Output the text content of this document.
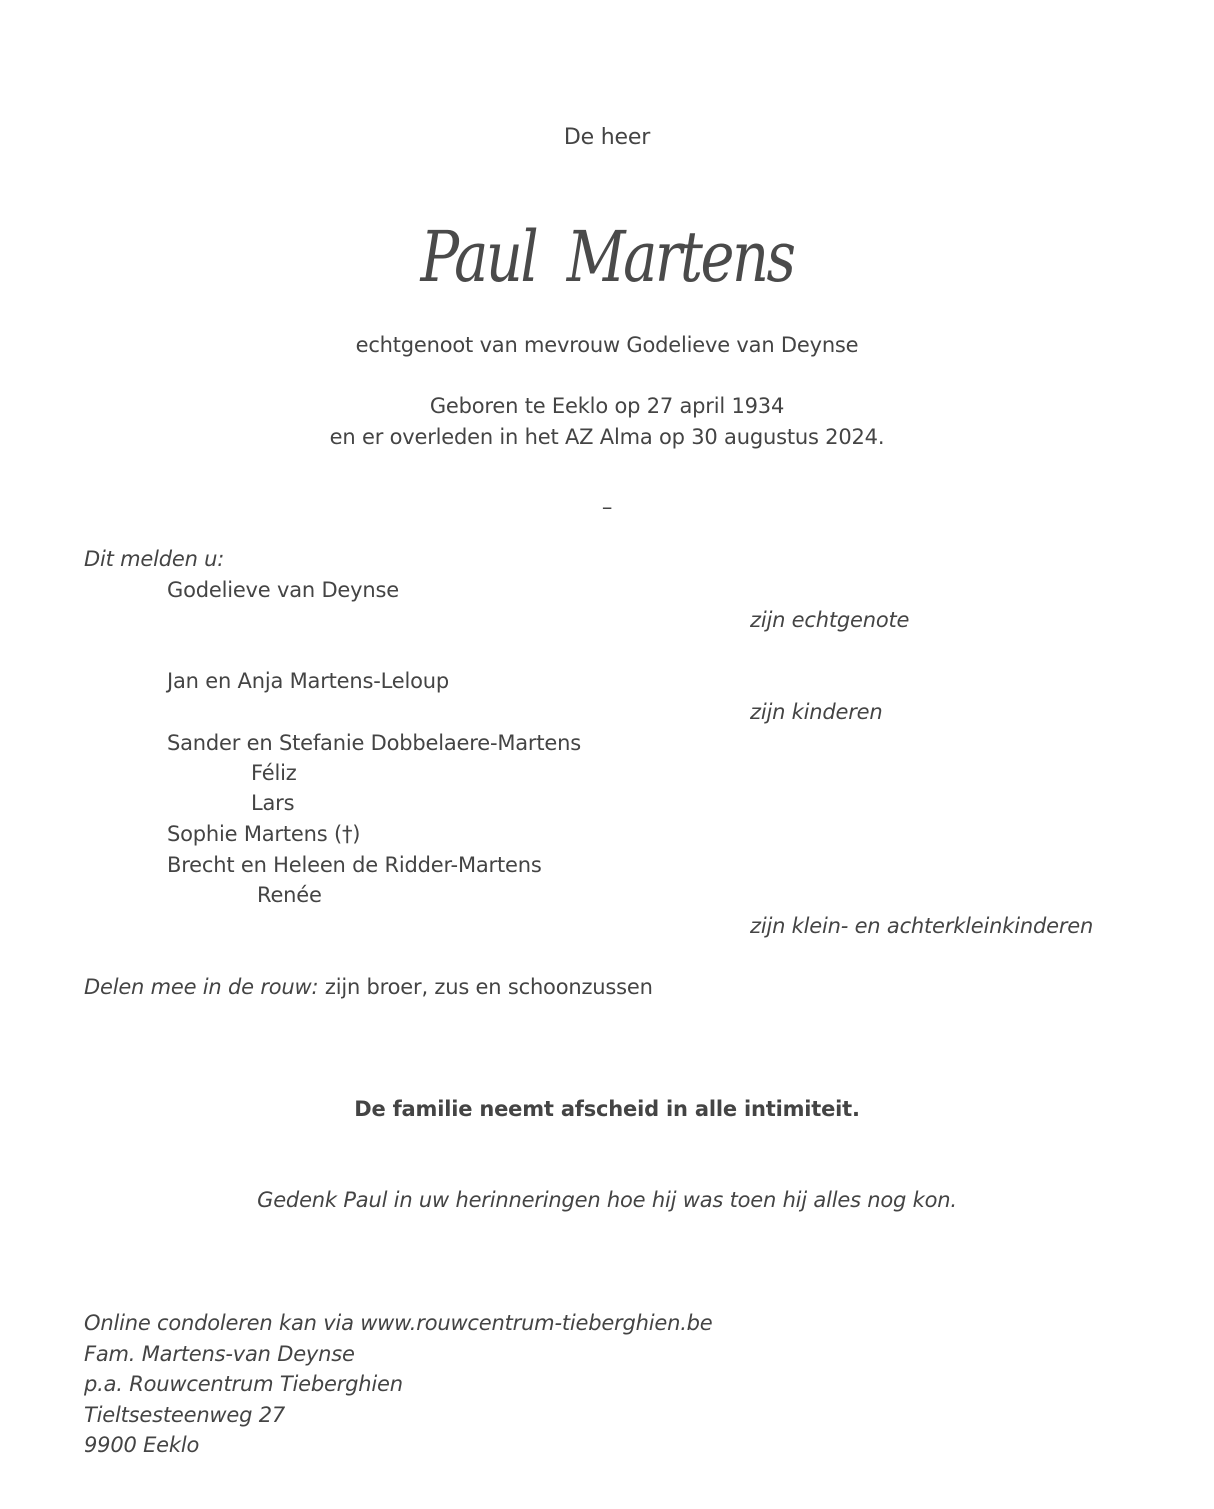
De heer

Paul Martens

echtgenoot van mevrouw Godelieve van Deynse

Geboren te Eeklo op 27 april 1934

en er overleden in het AZ Alma op 30 augustus 2024.

–

Dit melden u:

Godelieve van Deynse

zijn echtgenote

Jan en Anja Martens-Leloup

zijn kinderen

Sander en Stefanie Dobbelaere-Martens

Féliz

Lars

Sophie Martens (†)

Brecht en Heleen de Ridder-Martens

Renée

zijn klein- en achterkleinkinderen

Delen mee in de rouw: zijn broer, zus en schoonzussen

De familie neemt afscheid in alle intimiteit.

Gedenk Paul in uw herinneringen hoe hij was toen hij alles nog kon.

Online condoleren kan via www.rouwcentrum-tieberghien.be

Fam. Martens-van Deynse

p.a. Rouwcentrum Tieberghien

Tieltsesteenweg 27

9900 Eeklo
